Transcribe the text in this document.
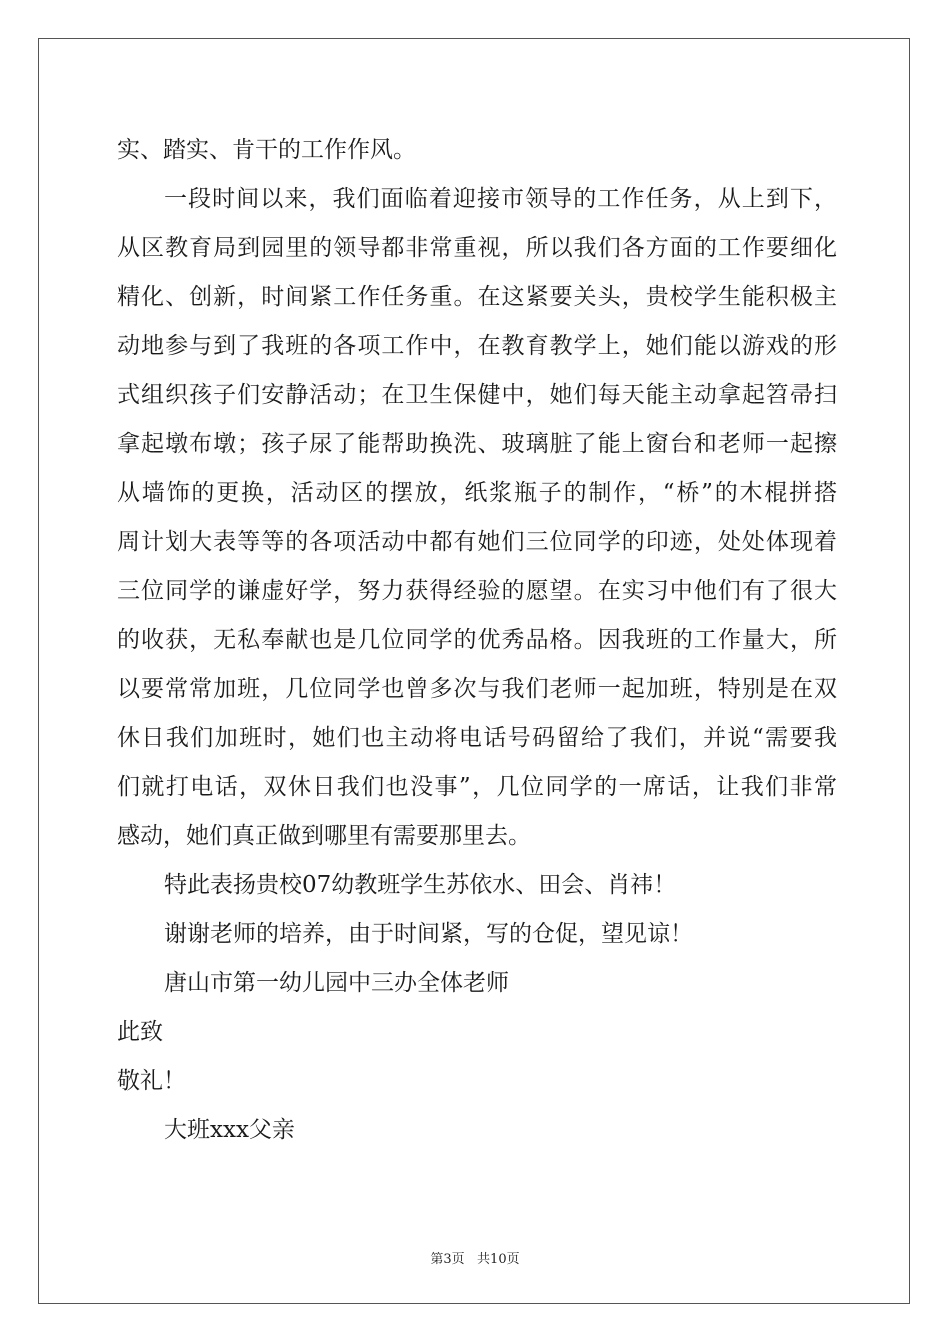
实、踏实、肯干的工作作风。
一段时间以来，我们面临着迎接市领导的工作任务，从上到下，
从区教育局到园里的领导都非常重视，所以我们各方面的工作要细化
精化、创新，时间紧工作任务重。在这紧要关头，贵校学生能积极主
动地参与到了我班的各项工作中，在教育教学上，她们能以游戏的形
式组织孩子们安静活动；在卫生保健中，她们每天能主动拿起笤帚扫
拿起墩布墩；孩子尿了能帮助换洗、玻璃脏了能上窗台和老师一起擦
从墙饰的更换，活动区的摆放，纸浆瓶子的制作，“桥”的木棍拼搭
周计划大表等等的各项活动中都有她们三位同学的印迹，处处体现着
三位同学的谦虚好学，努力获得经验的愿望。在实习中他们有了很大
的收获，无私奉献也是几位同学的优秀品格。因我班的工作量大，所
以要常常加班，几位同学也曾多次与我们老师一起加班，特别是在双
休日我们加班时，她们也主动将电话号码留给了我们，并说“需要我
们就打电话，双休日我们也没事”，几位同学的一席话，让我们非常
感动，她们真正做到哪里有需要那里去。
特此表扬贵校07幼教班学生苏依水、田会、肖祎！
谢谢老师的培养，由于时间紧，写的仓促，望见谅！
唐山市第一幼儿园中三办全体老师
此致
敬礼！
大班xxx父亲
第3页   共10页
